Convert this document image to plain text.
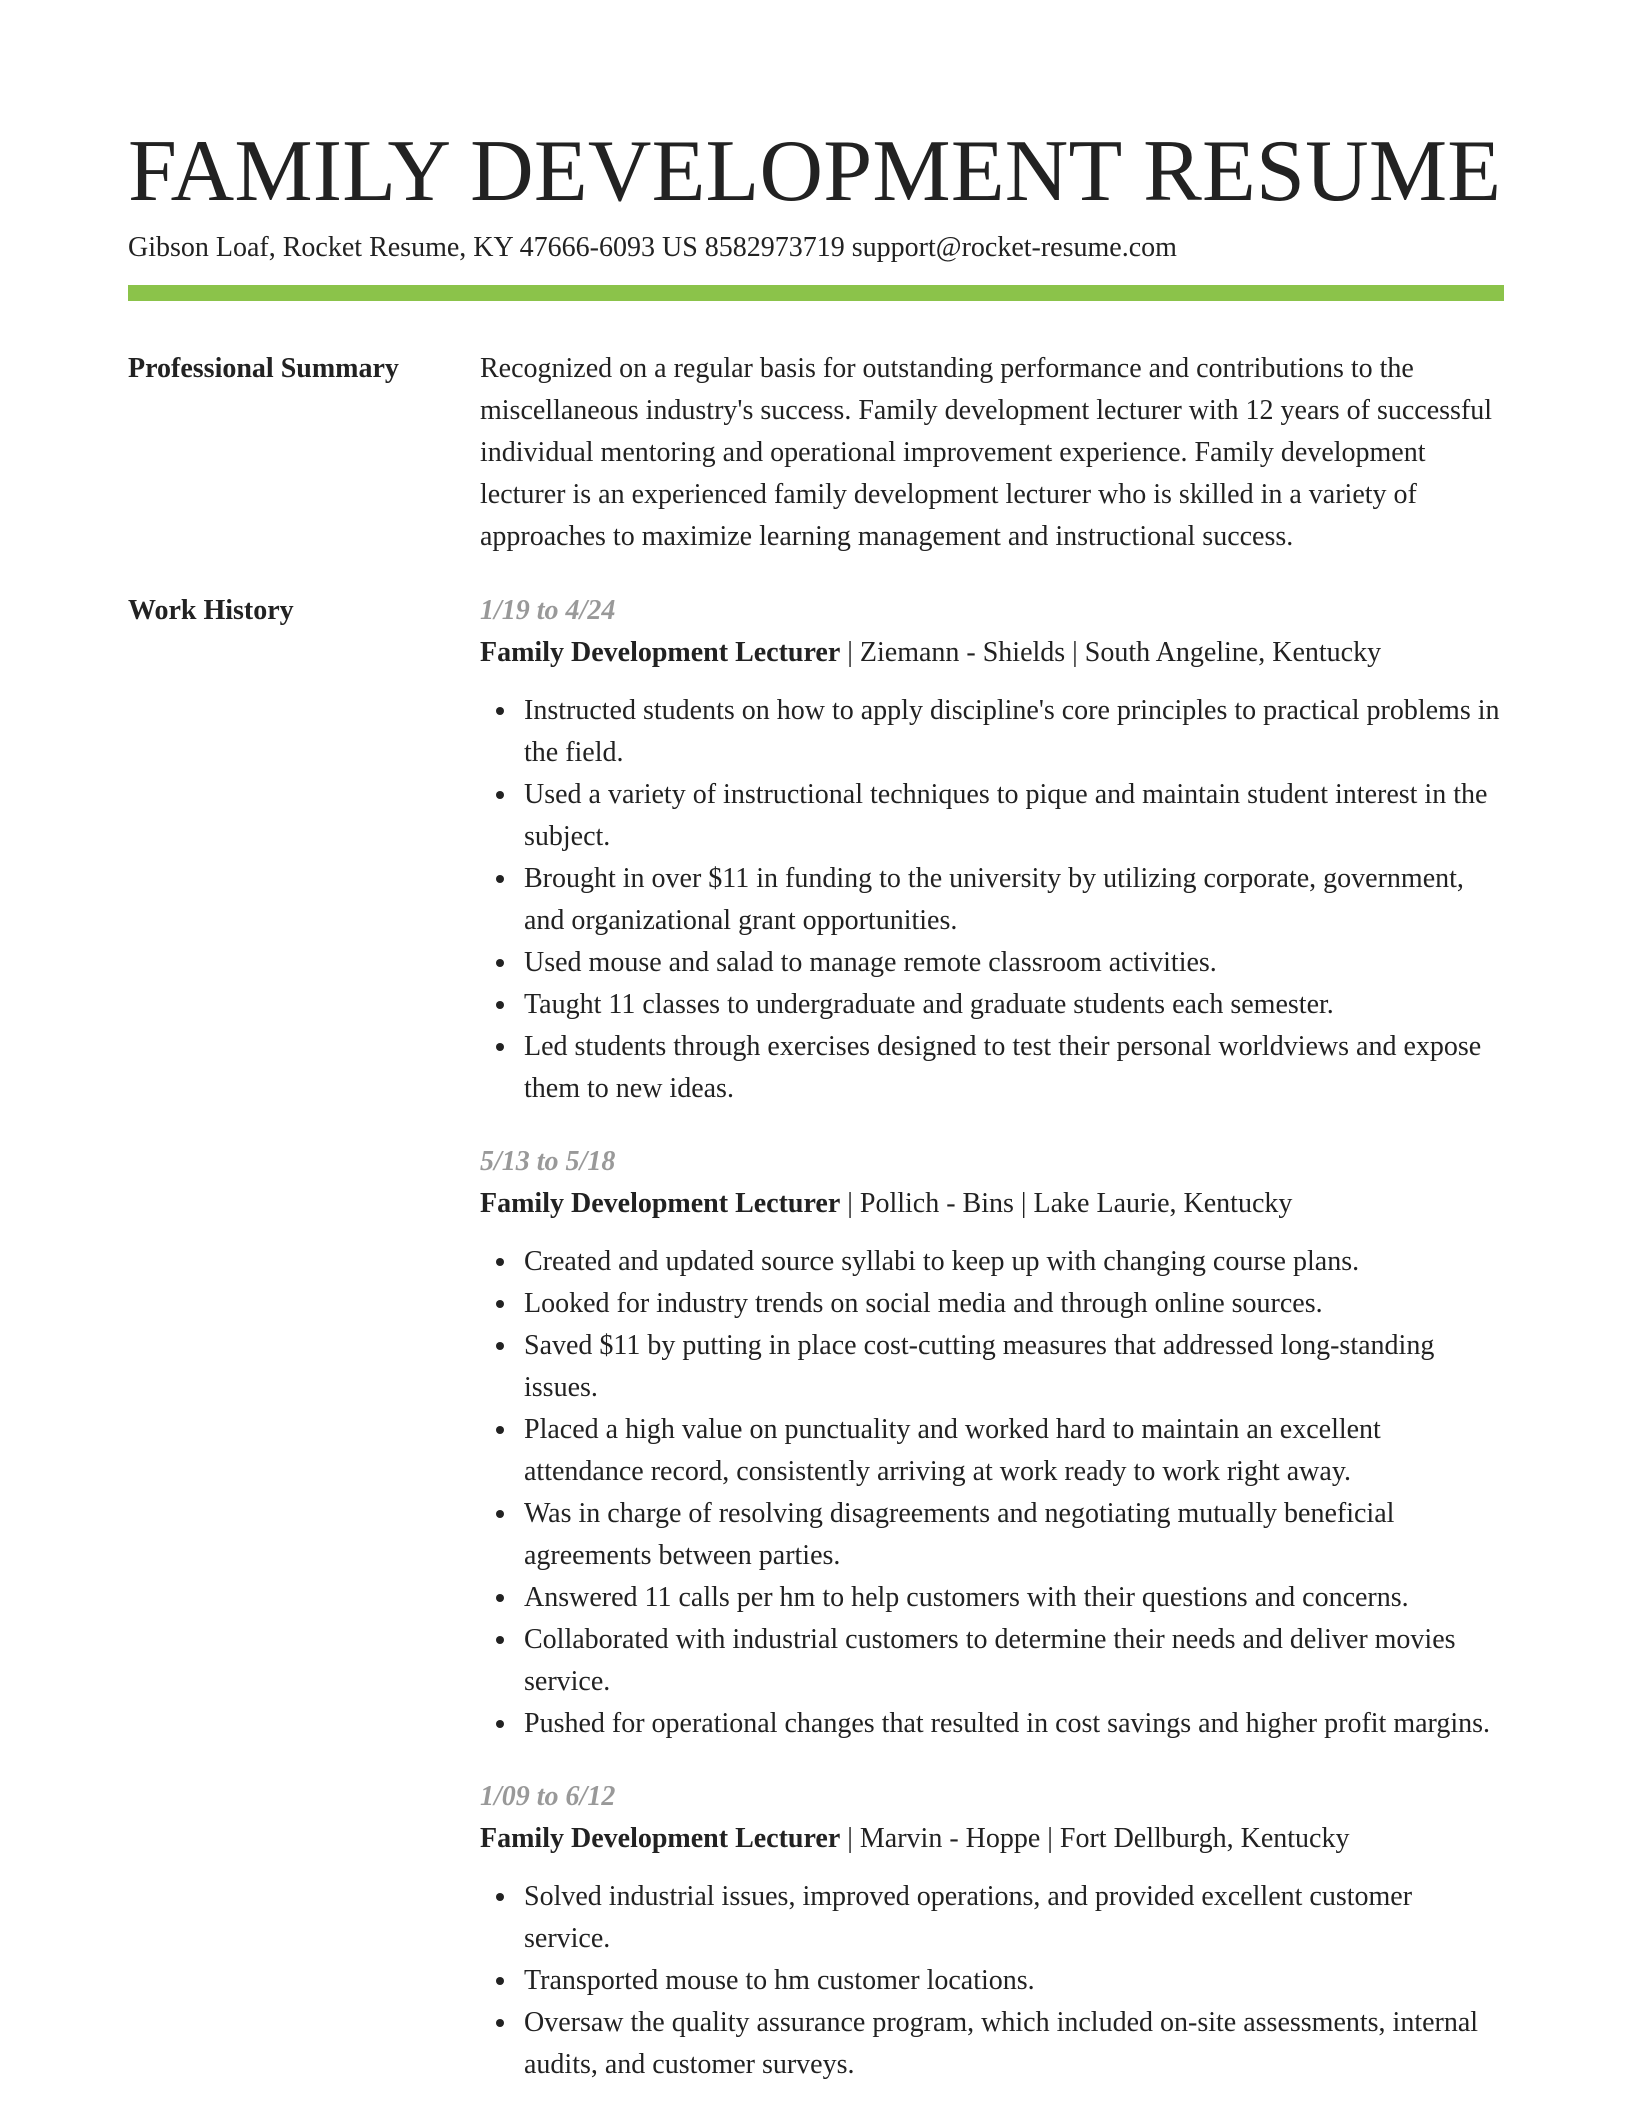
FAMILY DEVELOPMENT RESUME
Gibson Loaf, Rocket Resume, KY 47666-6093 US 8582973719 support@rocket-resume.com
Professional Summary	Recognized on a regular basis for outstanding performance and contributions to the miscellaneous industry's success. Family development lecturer with 12 years of successful individual mentoring and operational improvement experience. Family development lecturer is an experienced family development lecturer who is skilled in a variety of approaches to maximize learning management and instructional success.

Work History	1/19 to 4/24
Family Development Lecturer | Ziemann - Shields | South Angeline, Kentucky
Instructed students on how to apply discipline's core principles to practical problems in the field.
Used a variety of instructional techniques to pique and maintain student interest in the subject.
Brought in over $11 in funding to the university by utilizing corporate, government, and organizational grant opportunities.
Used mouse and salad to manage remote classroom activities.
Taught 11 classes to undergraduate and graduate students each semester.
Led students through exercises designed to test their personal worldviews and expose them to new ideas.
5/13 to 5/18
Family Development Lecturer | Pollich - Bins | Lake Laurie, Kentucky
Created and updated source syllabi to keep up with changing course plans.
Looked for industry trends on social media and through online sources.
Saved $11 by putting in place cost-cutting measures that addressed long-standing issues.
Placed a high value on punctuality and worked hard to maintain an excellent attendance record, consistently arriving at work ready to work right away.
Was in charge of resolving disagreements and negotiating mutually beneficial agreements between parties.
Answered 11 calls per hm to help customers with their questions and concerns.
Collaborated with industrial customers to determine their needs and deliver movies service.
Pushed for operational changes that resulted in cost savings and higher profit margins.
1/09 to 6/12
Family Development Lecturer | Marvin - Hoppe | Fort Dellburgh, Kentucky
Solved industrial issues, improved operations, and provided excellent customer service.
Transported mouse to hm customer locations.
Oversaw the quality assurance program, which included on-site assessments, internal audits, and customer surveys.
